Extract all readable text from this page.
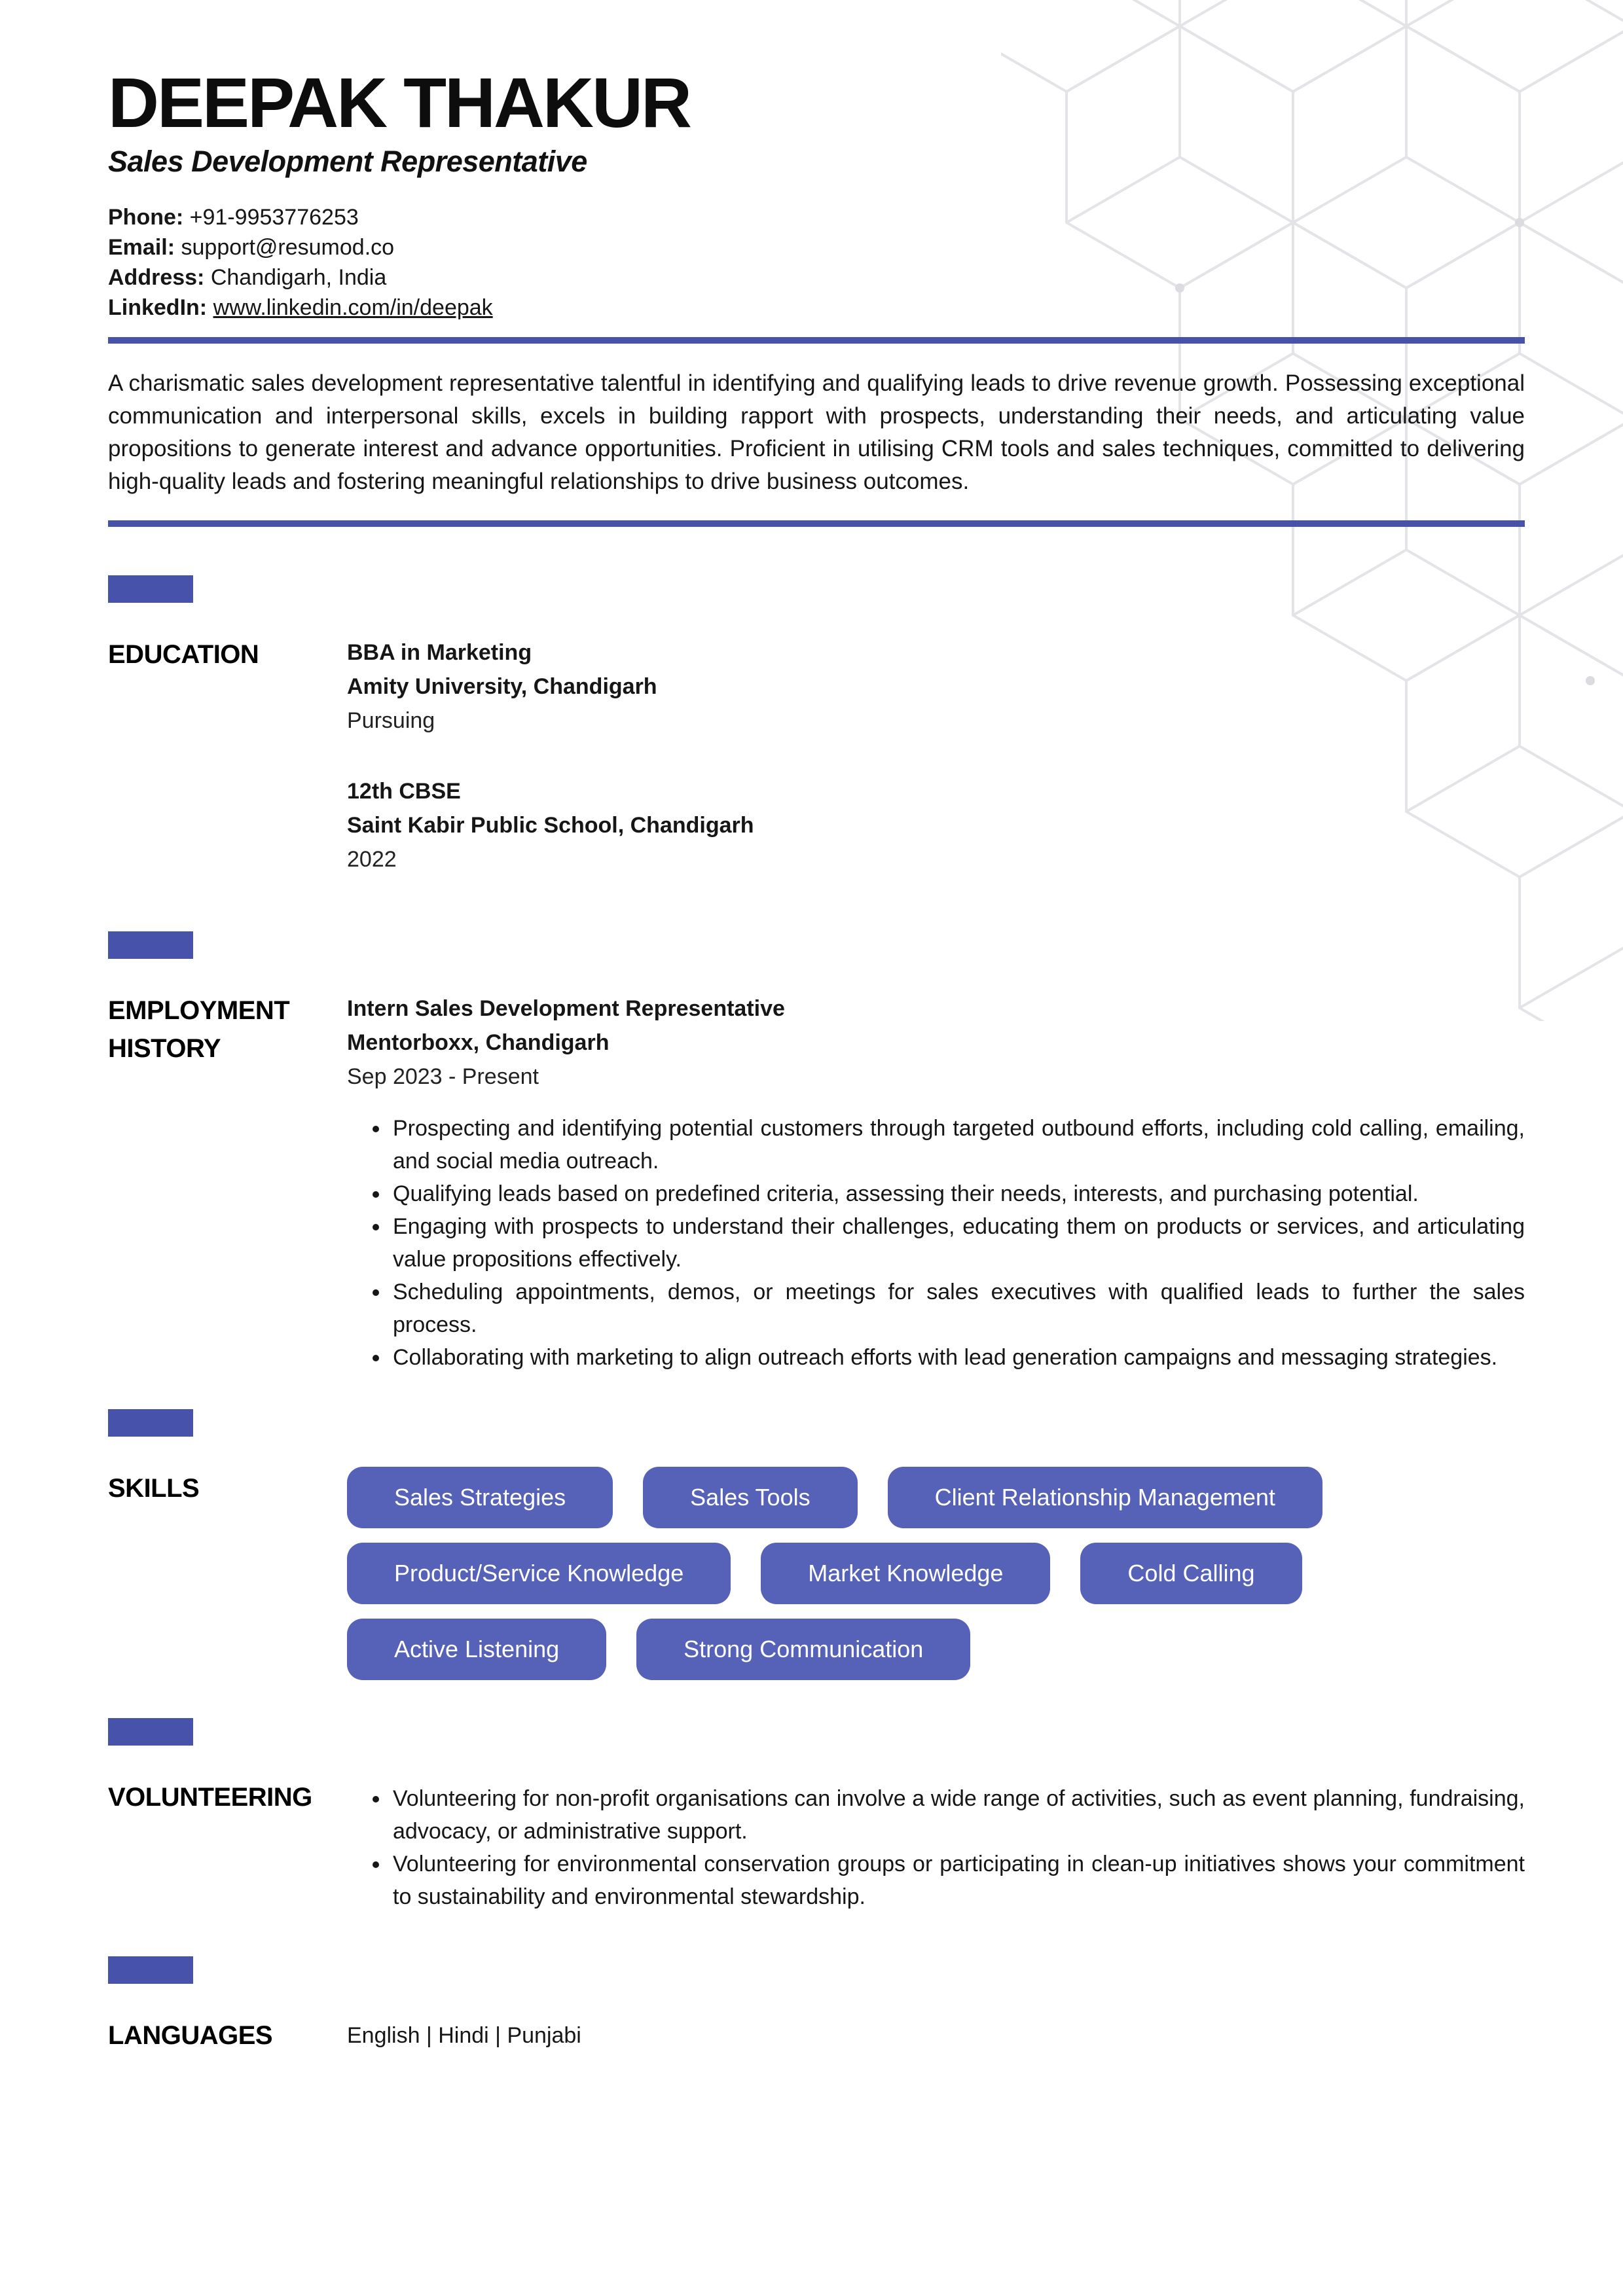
DEEPAK THAKUR
Sales Development Representative
Phone: +91-9953776253
Email: support@resumod.co
Address: Chandigarh, India
LinkedIn: www.linkedin.com/in/deepak

A charismatic sales development representative talentful in identifying and qualifying leads to drive revenue growth. Possessing exceptional communication and interpersonal skills, excels in building rapport with prospects, understanding their needs, and articulating value propositions to generate interest and advance opportunities. Proficient in utilising CRM tools and sales techniques, committed to delivering high-quality leads and fostering meaningful relationships to drive business outcomes.

EDUCATION	BBA in Marketing
Amity University, Chandigarh
Pursuing
12th CBSE
Saint Kabir Public School, Chandigarh
2022
EMPLOYMENT HISTORY
Intern Sales Development Representative
Mentorboxx, Chandigarh
Sep 2023 - Present
• Prospecting and identifying potential customers through targeted outbound efforts, including cold calling, emailing, and social media outreach.
• Qualifying leads based on predefined criteria, assessing their needs, interests, and purchasing potential.
• Engaging with prospects to understand their challenges, educating them on products or services, and articulating value propositions effectively.
• Scheduling appointments, demos, or meetings for sales executives with qualified leads to further the sales process.
• Collaborating with marketing to align outreach efforts with lead generation campaigns and messaging strategies.
SKILLS	Sales Strategies	Sales Tools	Client Relationship Management
Product/Service Knowledge	Market Knowledge	Cold Calling
Active Listening	Strong Communication
VOLUNTEERING	• Volunteering for non-profit organisations can involve a wide range of activities, such as event planning, fundraising, advocacy, or administrative support.
• Volunteering for environmental conservation groups or participating in clean-up initiatives shows your commitment to sustainability and environmental stewardship.
LANGUAGES	English | Hindi | Punjabi
